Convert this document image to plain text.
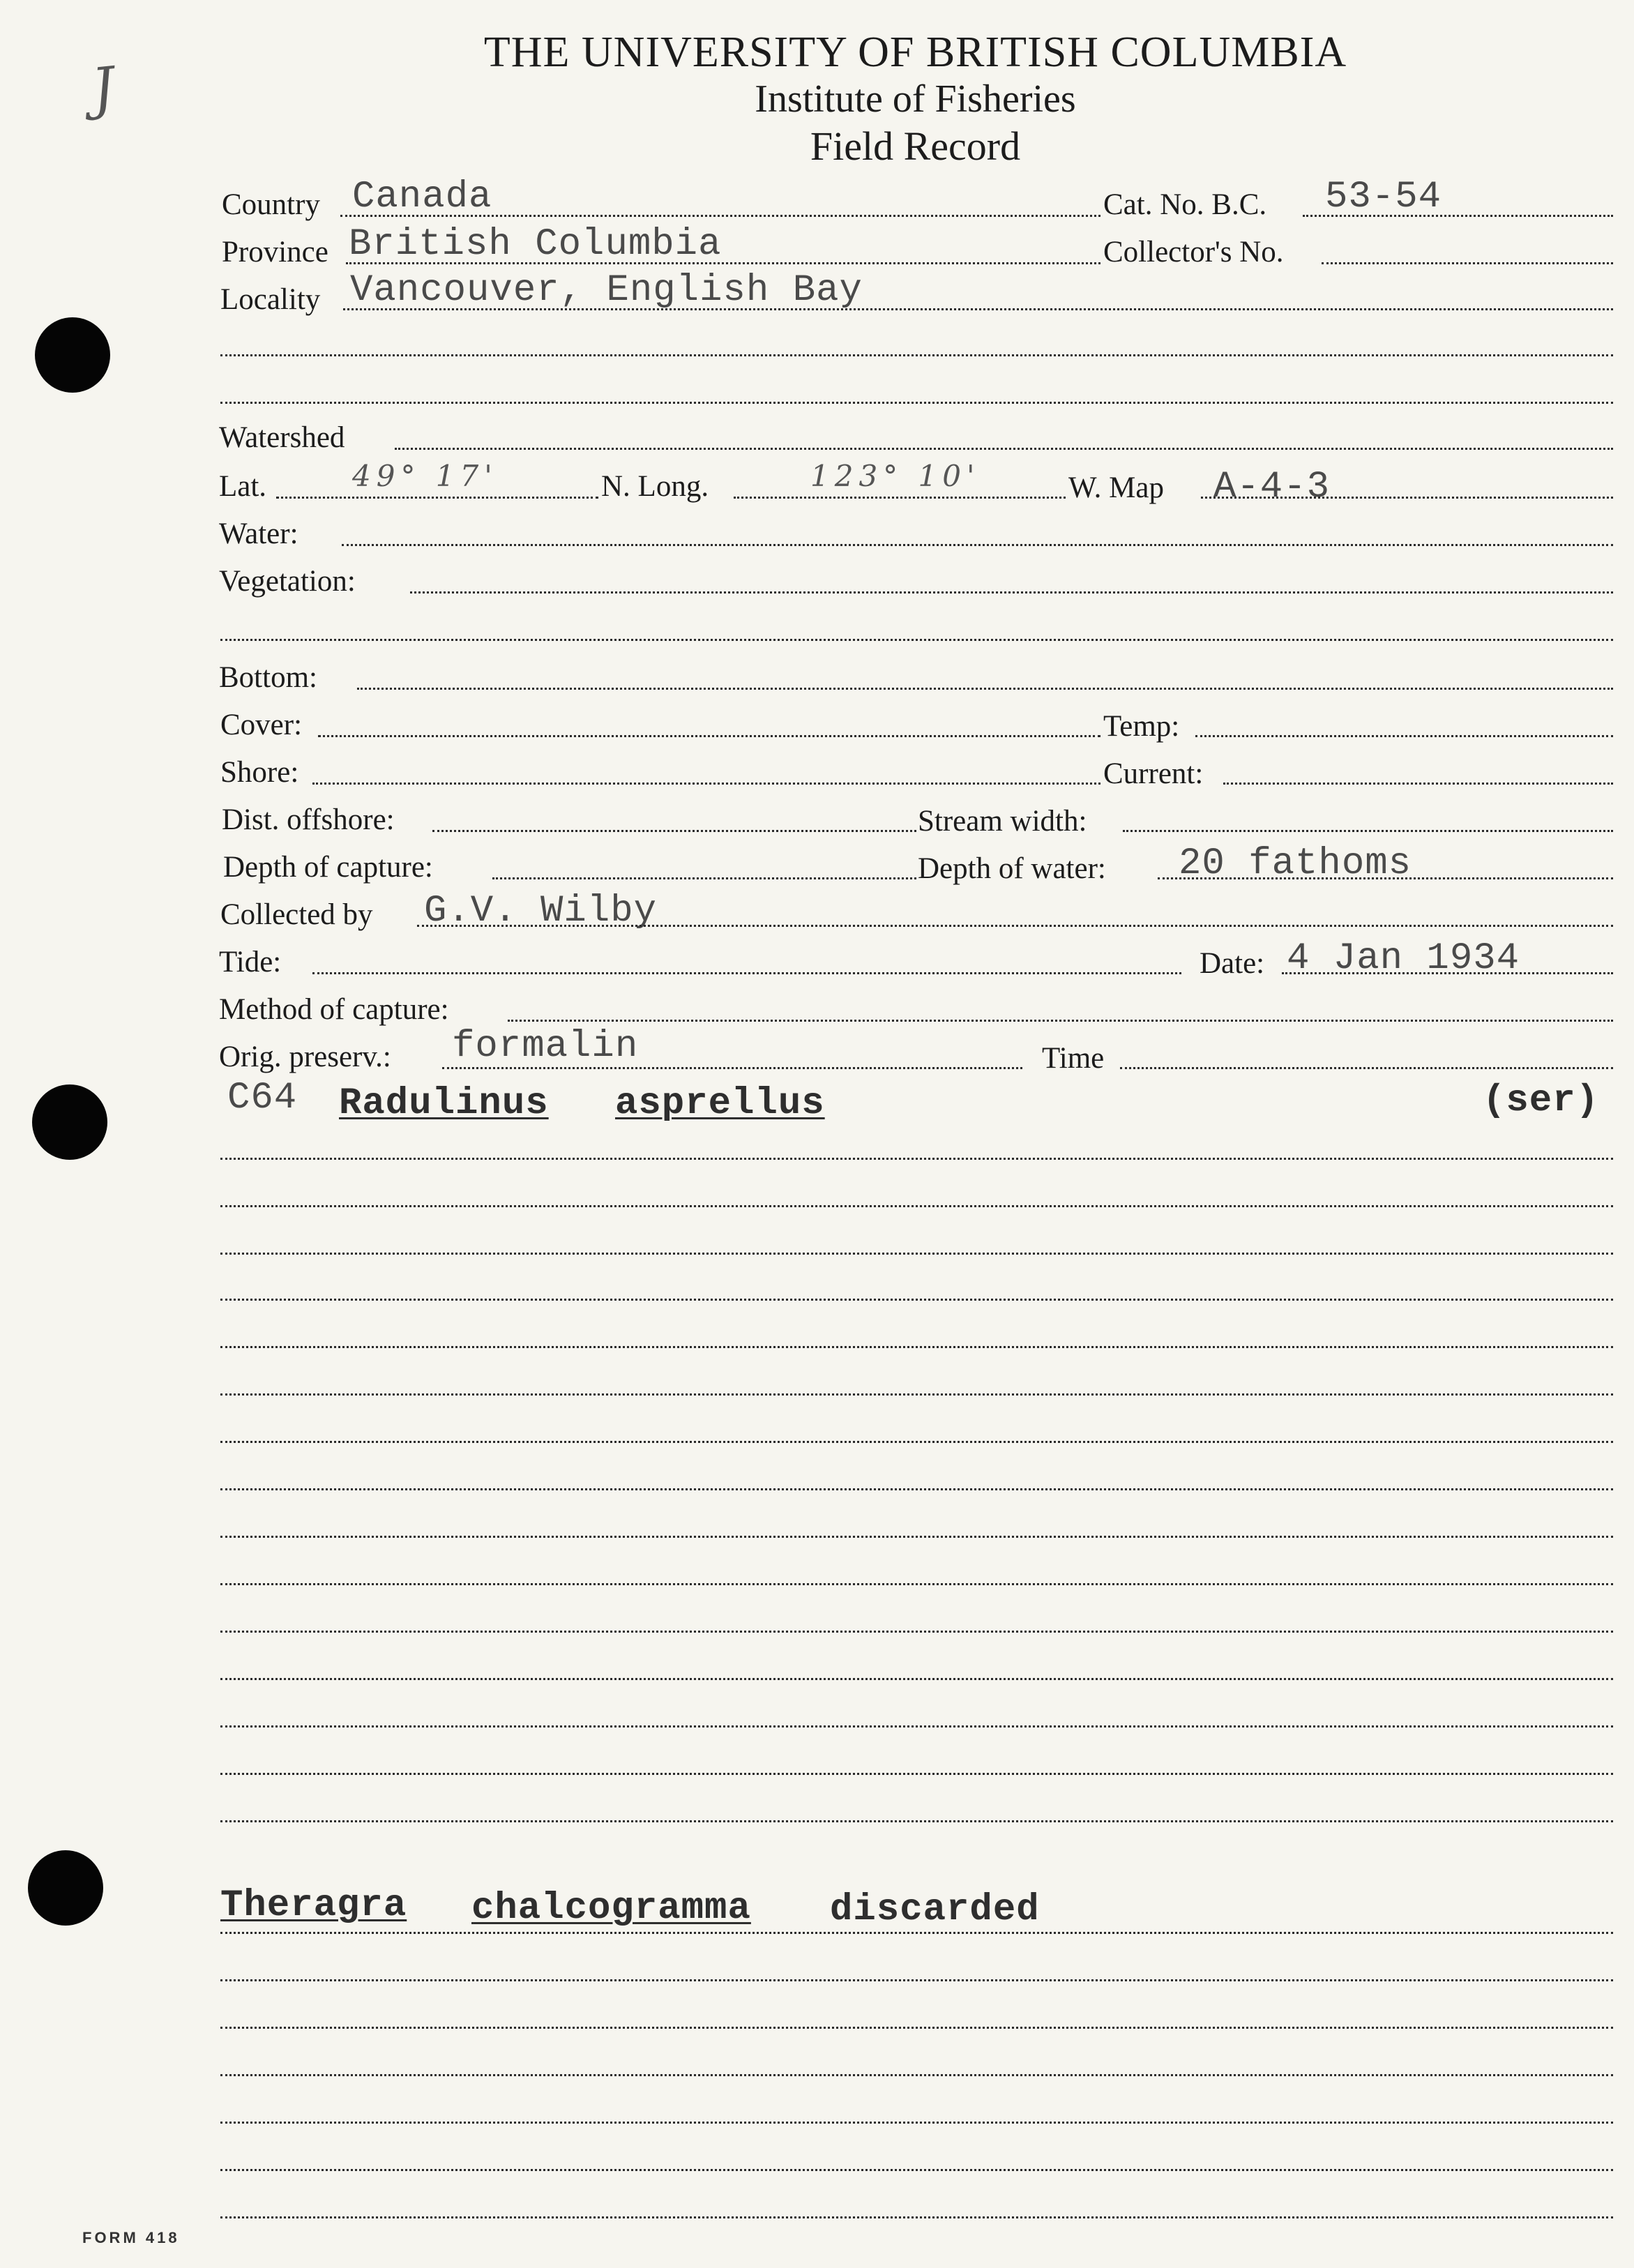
J
THE UNIVERSITY OF BRITISH COLUMBIA
Institute of Fisheries
Field Record
Country Canada	Cat. No. B.C. 53-54
Province British Columbia	Collector's No.
Locality Vancouver, English Bay
Watershed
Lat.	49° 17'	N. Long.	123° 10'	W. Map A-4-3
Water:
Vegetation:
Bottom:
Cover:	Temp:
Shore:	Current:
Dist. offshore:	Stream width:
Depth of capture:	Depth of water: 20 fathoms
Collected by G.V. Wilby
Tide:	Date: 4 Jan 1934
Method of capture:
Orig. preserv.: formalin	Time
C64 Radulinus asprellus	(ser)
Theragra chalcogramma discarded
FORM 418
